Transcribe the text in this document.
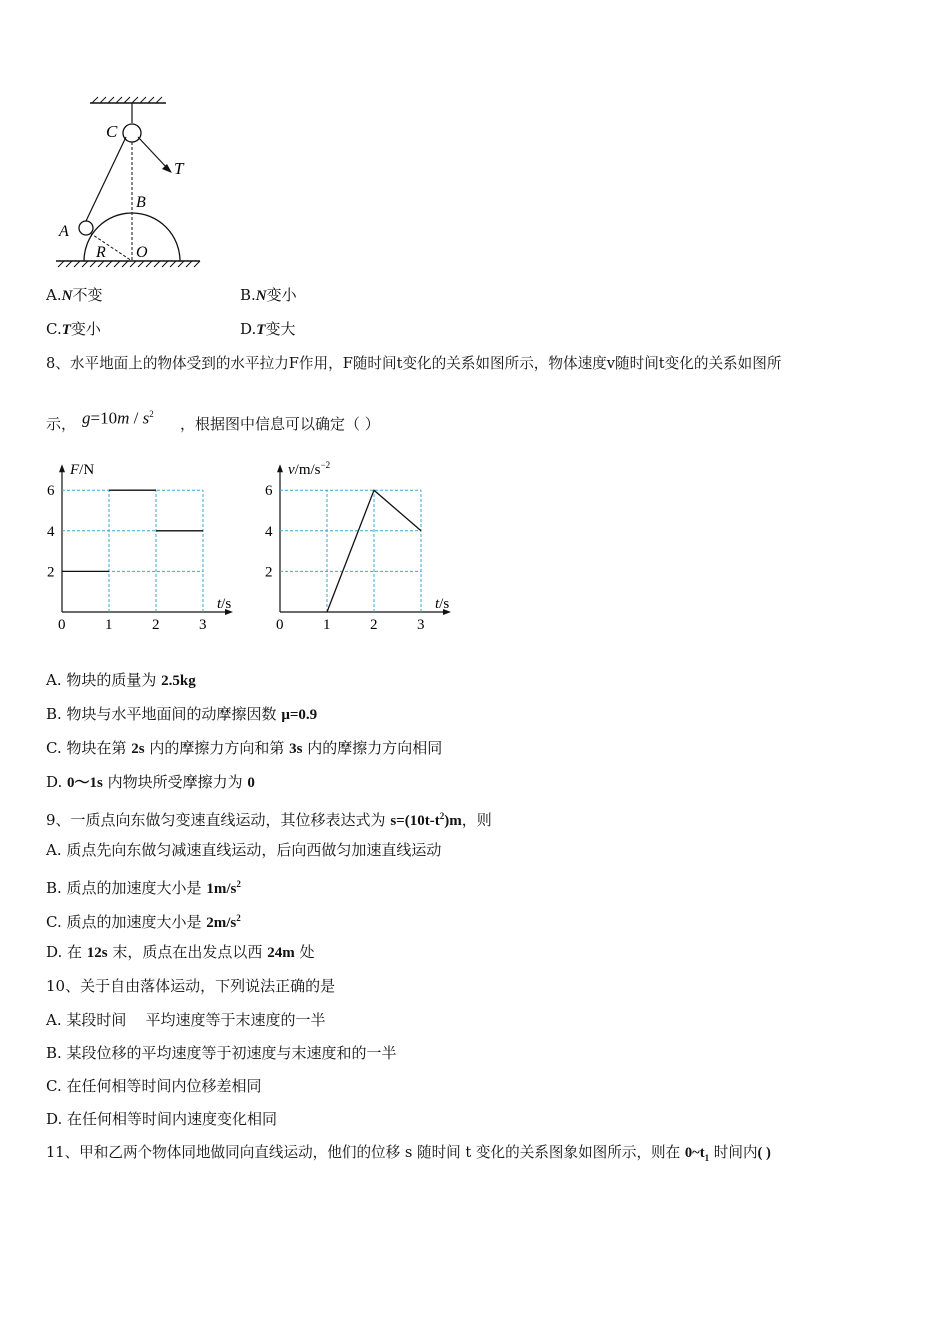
C
T
B
A
R O
A.N不变	B.N变小
C.T变小	D.T变大
8、水平地面上的物体受到的水平拉力F作用，F随时间t变化的关系如图所示，物体速度v随时间t变化的关系如图所
示， $g=10m / s^2$
，根据图中信息可以确定（ ）
2
4
6
0	1	2	3
F/N
t/s
2
4
6
0	1	2	3
$v/m/s^{-2}$
t/s
A. 物块的质量为 2.5kg
B. 物块与水平地面间的动摩擦因数 μ=0.9
C. 物块在第 2s 内的摩擦力方向和第 3s 内的摩擦力方向相同
D. 0～1s 内物块所受摩擦力为 0
9、一质点向东做匀变速直线运动，其位移表达式为 $s=(10t-t^2)m$，则
A. 质点先向东做匀减速直线运动，后向西做匀加速直线运动
B. 质点的加速度大小是 $1m/s^2$
C. 质点的加速度大小是 $2m/s^2$
D. 在 12s 末，质点在出发点以西 24m 处
10、关于自由落体运动，下列说法正确的是
A. 某段时间    平均速度等于末速度的一半
B. 某段位移的平均速度等于初速度与末速度和的一半
C. 在任何相等时间内位移差相同
D. 在任何相等时间内速度变化相同
11、甲和乙两个物体同地做同向直线运动，他们的位移 s 随时间 t 变化的关系图象如图所示，则在 $0\sim t_1$ 时间内( )
